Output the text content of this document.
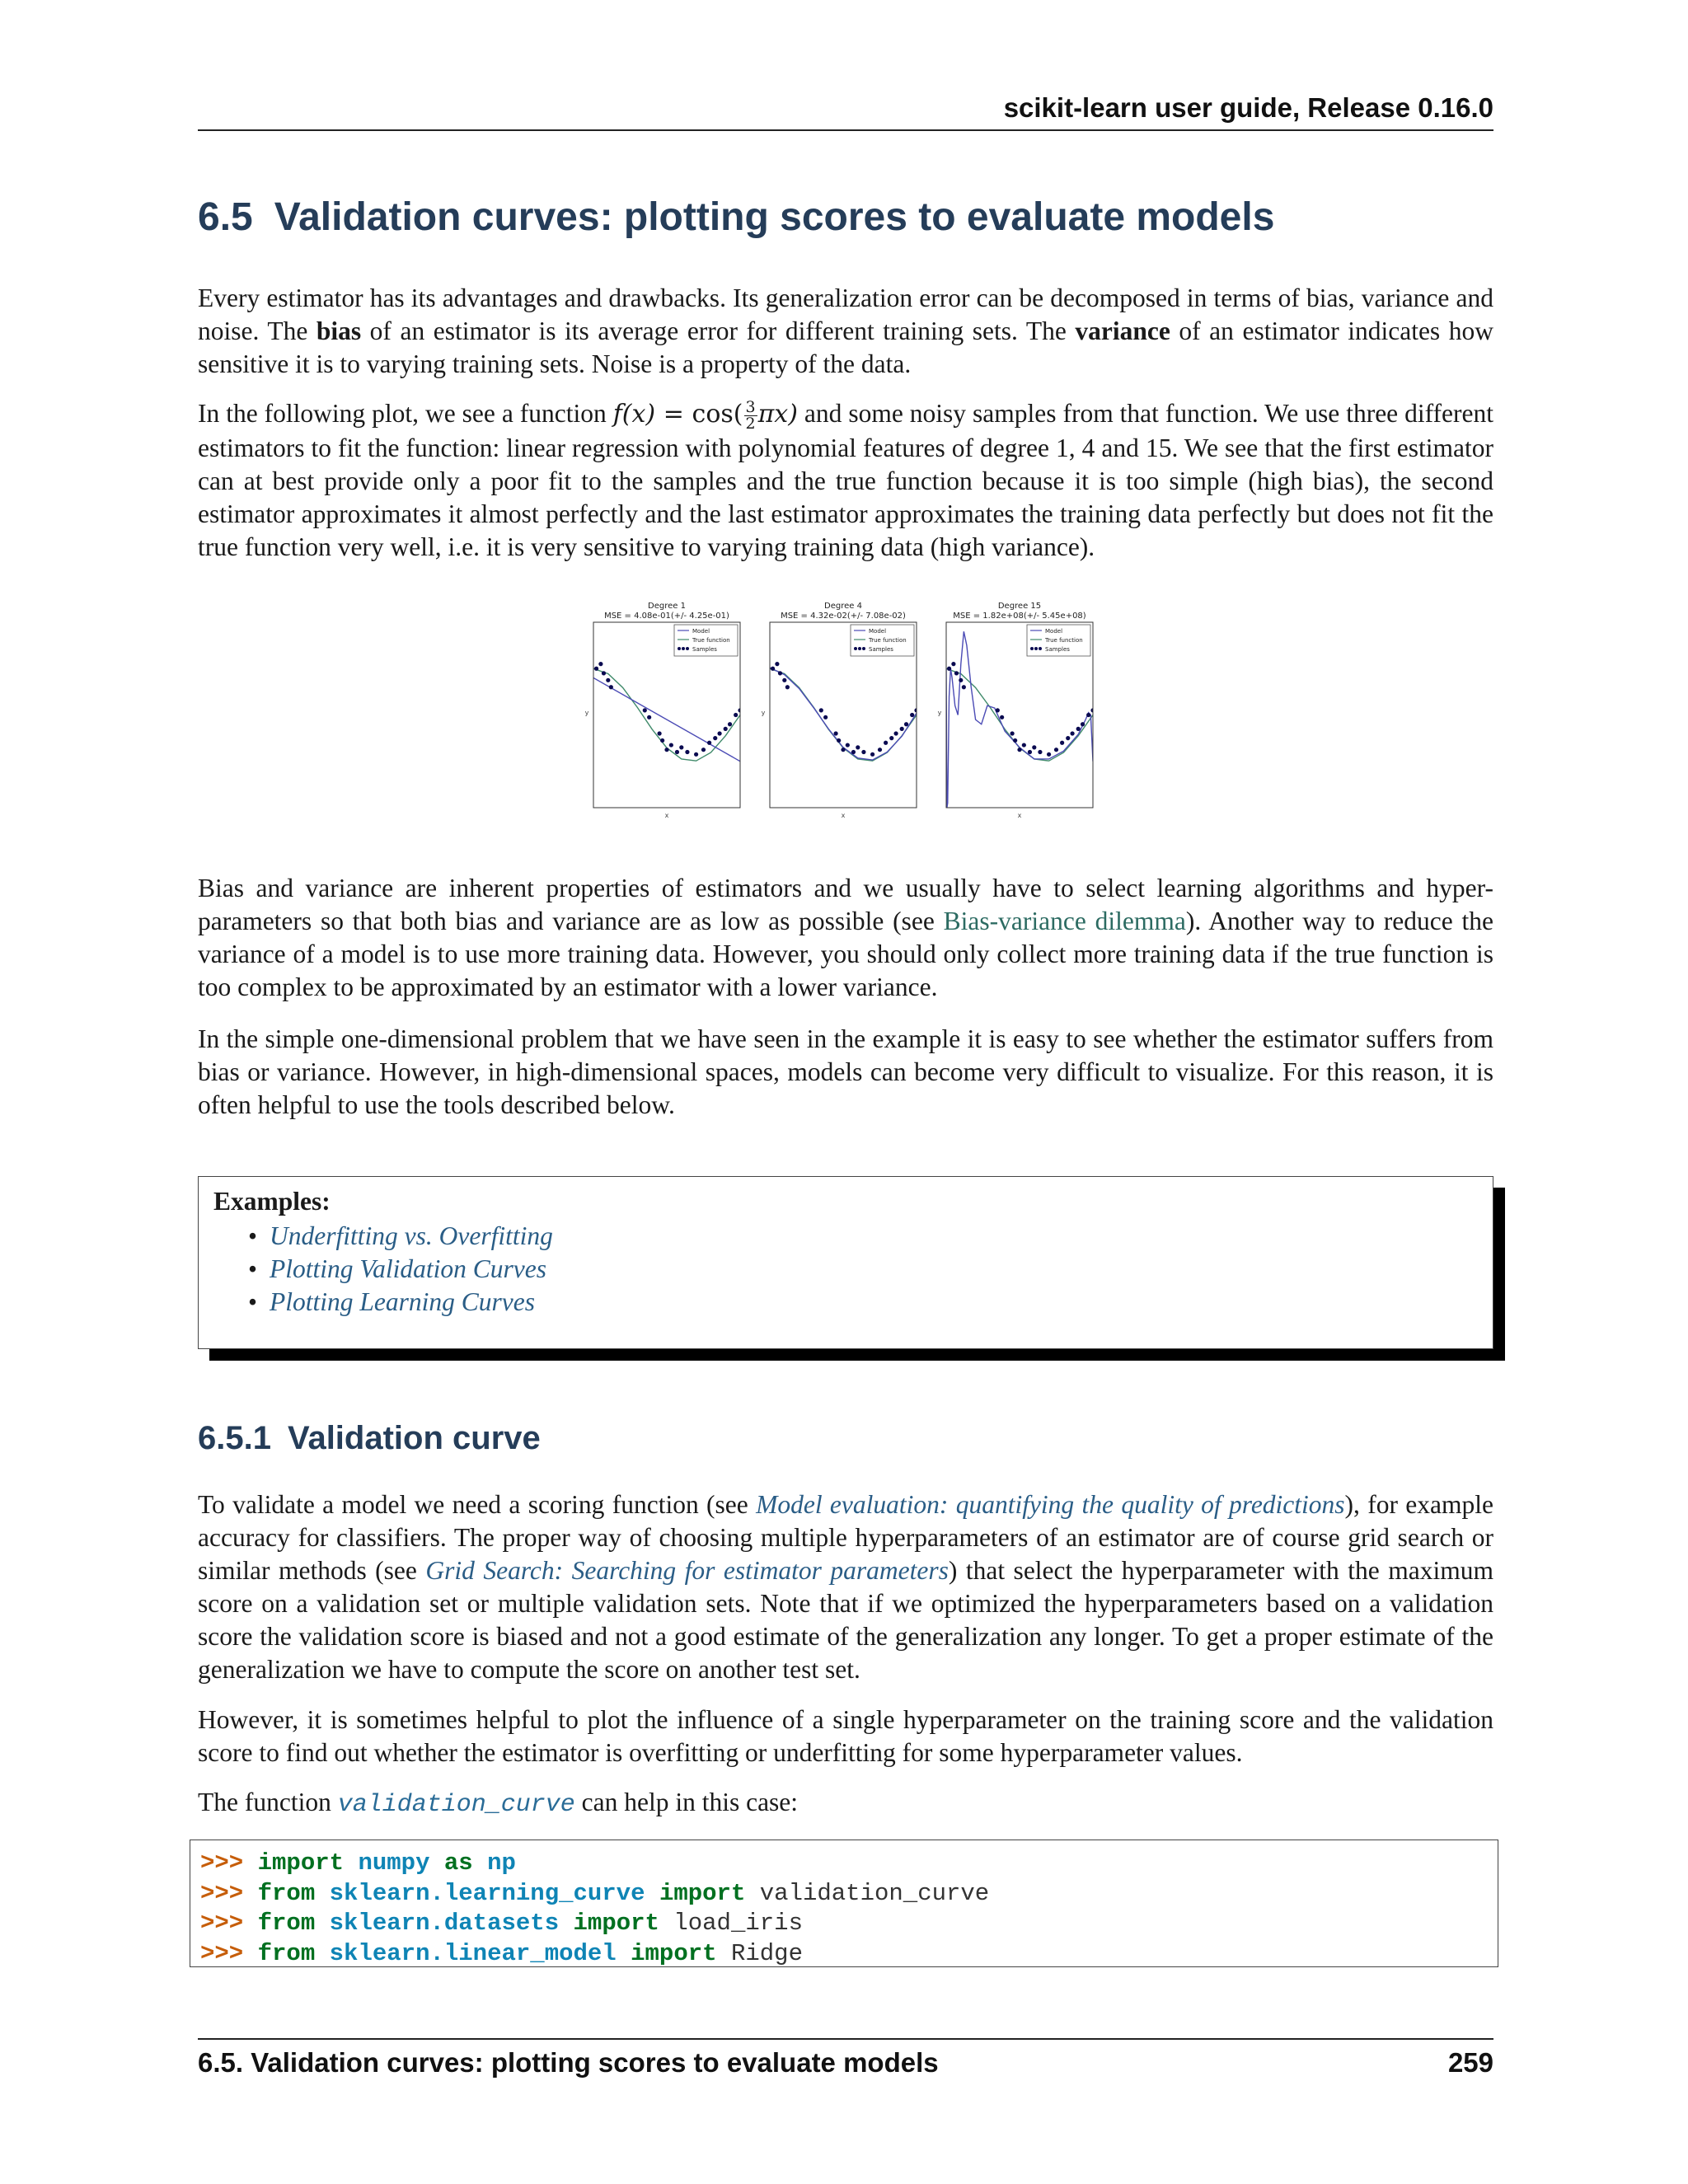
scikit-learn user guide, Release 0.16.0
6.5 Validation curves: plotting scores to evaluate models

Every estimator has its advantages and drawbacks. Its generalization error can be decomposed in terms of bias, variance and noise. The bias of an estimator is its average error for different training sets. The variance of an estimator indicates how sensitive it is to varying training sets. Noise is a property of the data.

In the following plot, we see a function $f(x) = \cos( \frac{3}{2} \pi x)$ and some noisy samples from that function. We use three different estimators to fit the function: linear regression with polynomial features of degree 1, 4 and 15. We see that the first estimator can at best provide only a poor fit to the samples and the true function because it is too simple (high bias), the second estimator approximates it almost perfectly and the last estimator approximates the training data perfectly but does not fit the true function very well, i.e. it is very sensitive to varying training data (high variance).

Degree 1
MSE = 4.08e-01(+/- 4.25e-01)
x
y
Model
True function
Samples
Degree 4
MSE = 4.32e-02(+/- 7.08e-02)
x
y
Model
True function
Samples
Degree 15
MSE = 1.82e+08(+/- 5.45e+08)
x
y
Model
True function
Samples

Bias and variance are inherent properties of estimators and we usually have to select learning algorithms and hyper-parameters so that both bias and variance are as low as possible (see Bias-variance dilemma). Another way to reduce the variance of a model is to use more training data. However, you should only collect more training data if the true function is too complex to be approximated by an estimator with a lower variance.

In the simple one-dimensional problem that we have seen in the example it is easy to see whether the estimator suffers from bias or variance. However, in high-dimensional spaces, models can become very difficult to visualize. For this reason, it is often helpful to use the tools described below.

Examples:
• Underfitting vs. Overfitting
• Plotting Validation Curves
• Plotting Learning Curves
6.5.1 Validation curve

To validate a model we need a scoring function (see Model evaluation: quantifying the quality of predictions), for example accuracy for classifiers. The proper way of choosing multiple hyperparameters of an estimator are of course grid search or similar methods (see Grid Search: Searching for estimator parameters) that select the hyperparameter with the maximum score on a validation set or multiple validation sets. Note that if we optimized the hyperparameters based on a validation score the validation score is biased and not a good estimate of the generalization any longer. To get a proper estimate of the generalization we have to compute the score on another test set.

However, it is sometimes helpful to plot the influence of a single hyperparameter on the training score and the validation score to find out whether the estimator is overfitting or underfitting for some hyperparameter values.

The function validation_curve can help in this case:

>>> import numpy as np
>>> from sklearn.learning_curve import validation_curve
>>> from sklearn.datasets import load_iris
>>> from sklearn.linear_model import Ridge
6.5. Validation curves: plotting scores to evaluate models	259
